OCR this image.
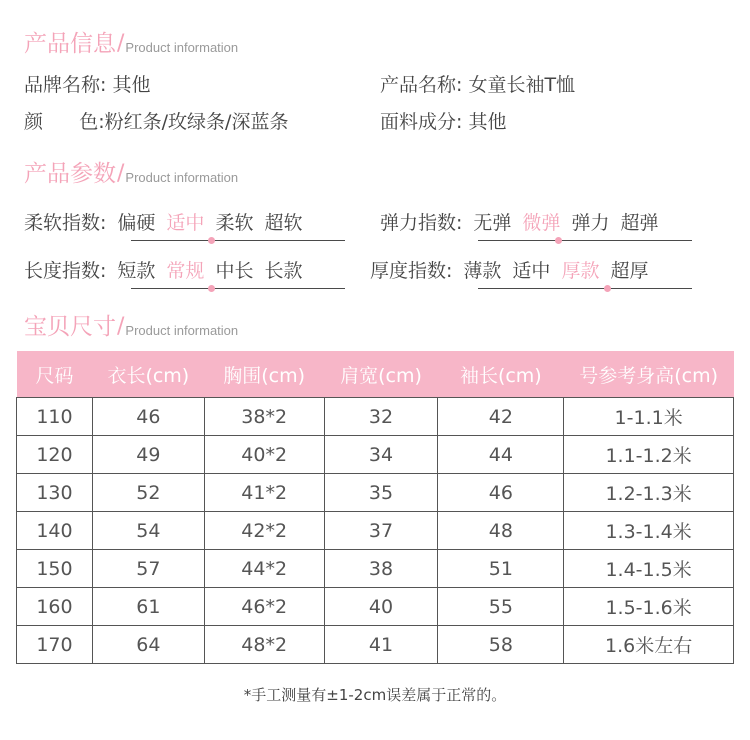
产品信息 / Product information
品牌名称: 其他	产品名称: 女童长袖T恤
颜      色:粉红条/玫绿条/深蓝条	面料成分: 其他
产品参数 / Product information
柔软指数: 偏硬 适中 柔软 超软	弹力指数: 无弹 微弹 弹力 超弹
长度指数: 短款 常规 中长 长款	厚度指数: 薄款 适中 厚款 超厚
宝贝尺寸 / Product information
尺码	衣长(cm)	胸围(cm)	肩宽(cm)	袖长(cm)	号参考身高(cm)
110	46	38*2	32	42	1-1.1米
120	49	40*2	34	44	1.1-1.2米
130	52	41*2	35	46	1.2-1.3米
140	54	42*2	37	48	1.3-1.4米
150	57	44*2	38	51	1.4-1.5米
160	61	46*2	40	55	1.5-1.6米
170	64	48*2	41	58	1.6米左右
*手工测量有±1-2cm误差属于正常的。
